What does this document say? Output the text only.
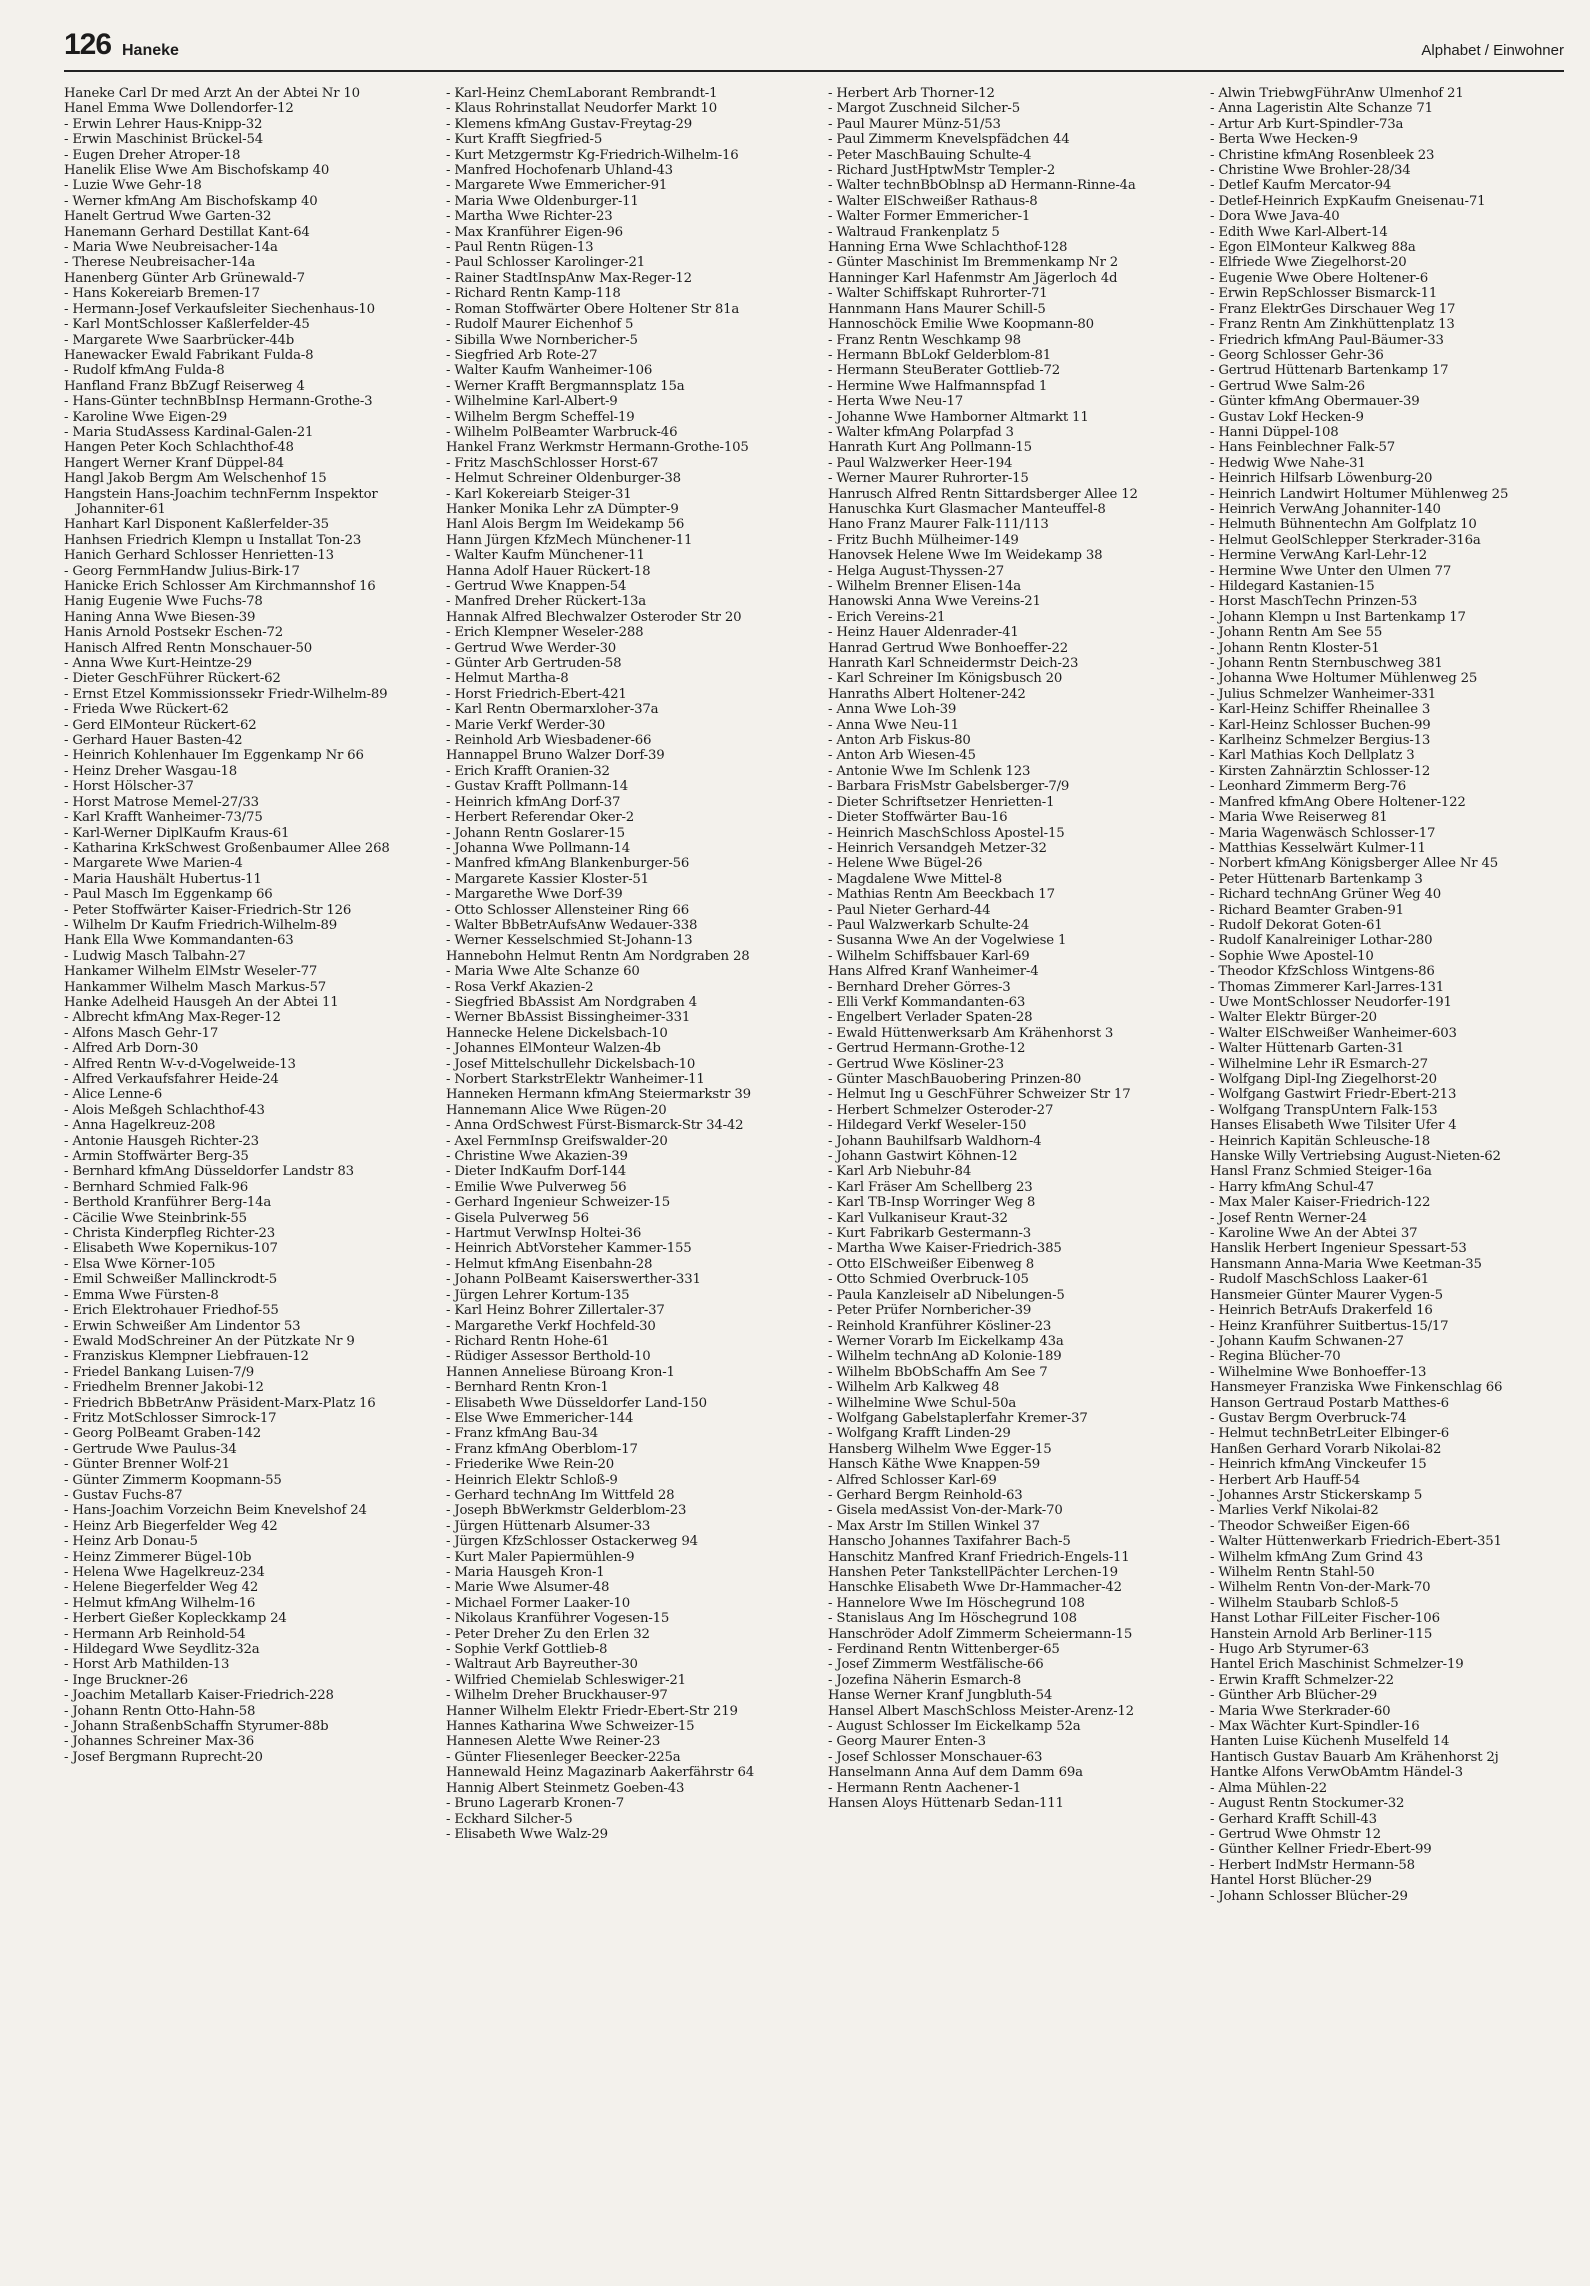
126 Haneke	Alphabet / Einwohner

Haneke Carl Dr med Arzt An der Abtei Nr 10

Hanel Emma Wwe Dollendorfer-12

- Erwin Lehrer Haus-Knipp-32

- Erwin Maschinist Brückel-54

- Eugen Dreher Atroper-18

Hanelik Elise Wwe Am Bischofskamp 40

- Luzie Wwe Gehr-18

- Werner kfmAng Am Bischofskamp 40

Hanelt Gertrud Wwe Garten-32

Hanemann Gerhard Destillat Kant-64

- Maria Wwe Neubreisacher-14a

- Therese Neubreisacher-14a

Hanenberg Günter Arb Grünewald-7

- Hans Kokereiarb Bremen-17

- Hermann-Josef Verkaufsleiter Siechenhaus-10

- Karl MontSchlosser Kaßlerfelder-45

- Margarete Wwe Saarbrücker-44b

Hanewacker Ewald Fabrikant Fulda-8

- Rudolf kfmAng Fulda-8

Hanfland Franz BbZugf Reiserweg 4

- Hans-Günter technBbInsp Hermann-Grothe-3

- Karoline Wwe Eigen-29

- Maria StudAssess Kardinal-Galen-21

Hangen Peter Koch Schlachthof-48

Hangert Werner Kranf Düppel-84

Hangl Jakob Bergm Am Welschenhof 15

Hangstein Hans-Joachim technFernm Inspektor Johanniter-61

Hanhart Karl Disponent Kaßlerfelder-35

Hanhsen Friedrich Klempn u Installat Ton-23

Hanich Gerhard Schlosser Henrietten-13

- Georg FernmHandw Julius-Birk-17

Hanicke Erich Schlosser Am Kirchmannshof 16

Hanig Eugenie Wwe Fuchs-78

Haning Anna Wwe Biesen-39

Hanis Arnold Postsekr Eschen-72

Hanisch Alfred Rentn Monschauer-50

- Anna Wwe Kurt-Heintze-29

- Dieter GeschFührer Rückert-62

- Ernst Etzel Kommissionssekr Friedr-Wilhelm-89

- Frieda Wwe Rückert-62

- Gerd ElMonteur Rückert-62

- Gerhard Hauer Basten-42

- Heinrich Kohlenhauer Im Eggenkamp Nr 66

- Heinz Dreher Wasgau-18

- Horst Hölscher-37

- Horst Matrose Memel-27/33

- Karl Krafft Wanheimer-73/75

- Karl-Werner DiplKaufm Kraus-61

- Katharina KrkSchwest Großenbaumer Allee 268

- Margarete Wwe Marien-4

- Maria Haushält Hubertus-11

- Paul Masch Im Eggenkamp 66

- Peter Stoffwärter Kaiser-Friedrich-Str 126

- Wilhelm Dr Kaufm Friedrich-Wilhelm-89

Hank Ella Wwe Kommandanten-63

- Ludwig Masch Talbahn-27

Hankamer Wilhelm ElMstr Weseler-77

Hankammer Wilhelm Masch Markus-57

Hanke Adelheid Hausgeh An der Abtei 11

- Albrecht kfmAng Max-Reger-12

- Alfons Masch Gehr-17

- Alfred Arb Dorn-30

- Alfred Rentn W-v-d-Vogelweide-13

- Alfred Verkaufsfahrer Heide-24

- Alice Lenne-6

- Alois Meßgeh Schlachthof-43

- Anna Hagelkreuz-208

- Antonie Hausgeh Richter-23

- Armin Stoffwärter Berg-35

- Bernhard kfmAng Düsseldorfer Landstr 83

- Bernhard Schmied Falk-96

- Berthold Kranführer Berg-14a

- Cäcilie Wwe Steinbrink-55

- Christa Kinderpfleg Richter-23

- Elisabeth Wwe Kopernikus-107

- Elsa Wwe Körner-105

- Emil Schweißer Mallinckrodt-5

- Emma Wwe Fürsten-8

- Erich Elektrohauer Friedhof-55

- Erwin Schweißer Am Lindentor 53

- Ewald ModSchreiner An der Pützkate Nr 9

- Franziskus Klempner Liebfrauen-12

- Friedel Bankang Luisen-7/9

- Friedhelm Brenner Jakobi-12

- Friedrich BbBetrAnw Präsident-Marx-Platz 16

- Fritz MotSchlosser Simrock-17

- Georg PolBeamt Graben-142

- Gertrude Wwe Paulus-34

- Günter Brenner Wolf-21

- Günter Zimmerm Koopmann-55

- Gustav Fuchs-87

- Hans-Joachim Vorzeichn Beim Knevelshof 24

- Heinz Arb Biegerfelder Weg 42

- Heinz Arb Donau-5

- Heinz Zimmerer Bügel-10b

- Helena Wwe Hagelkreuz-234

- Helene Biegerfelder Weg 42

- Helmut kfmAng Wilhelm-16

- Herbert Gießer Kopleckkamp 24

- Hermann Arb Reinhold-54

- Hildegard Wwe Seydlitz-32a

- Horst Arb Mathilden-13

- Inge Bruckner-26

- Joachim Metallarb Kaiser-Friedrich-228

- Johann Rentn Otto-Hahn-58

- Johann StraßenbSchaffn Styrumer-88b

- Johannes Schreiner Max-36

- Josef Bergmann Ruprecht-20

- Karl-Heinz ChemLaborant Rembrandt-1

- Klaus Rohrinstallat Neudorfer Markt 10

- Klemens kfmAng Gustav-Freytag-29

- Kurt Krafft Siegfried-5

- Kurt Metzgermstr Kg-Friedrich-Wilhelm-16

- Manfred Hochofenarb Uhland-43

- Margarete Wwe Emmericher-91

- Maria Wwe Oldenburger-11

- Martha Wwe Richter-23

- Max Kranführer Eigen-96

- Paul Rentn Rügen-13

- Paul Schlosser Karolinger-21

- Rainer StadtInspAnw Max-Reger-12

- Richard Rentn Kamp-118

- Roman Stoffwärter Obere Holtener Str 81a

- Rudolf Maurer Eichenhof 5

- Sibilla Wwe Nornbericher-5

- Siegfried Arb Rote-27

- Walter Kaufm Wanheimer-106

- Werner Krafft Bergmannsplatz 15a

- Wilhelmine Karl-Albert-9

- Wilhelm Bergm Scheffel-19

- Wilhelm PolBeamter Warbruck-46

Hankel Franz Werkmstr Hermann-Grothe-105

- Fritz MaschSchlosser Horst-67

- Helmut Schreiner Oldenburger-38

- Karl Kokereiarb Steiger-31

Hanker Monika Lehr zA Dümpter-9

Hanl Alois Bergm Im Weidekamp 56

Hann Jürgen KfzMech Münchener-11

- Walter Kaufm Münchener-11

Hanna Adolf Hauer Rückert-18

- Gertrud Wwe Knappen-54

- Manfred Dreher Rückert-13a

Hannak Alfred Blechwalzer Osteroder Str 20

- Erich Klempner Weseler-288

- Gertrud Wwe Werder-30

- Günter Arb Gertruden-58

- Helmut Martha-8

- Horst Friedrich-Ebert-421

- Karl Rentn Obermarxloher-37a

- Marie Verkf Werder-30

- Reinhold Arb Wiesbadener-66

Hannappel Bruno Walzer Dorf-39

- Erich Krafft Oranien-32

- Gustav Krafft Pollmann-14

- Heinrich kfmAng Dorf-37

- Herbert Referendar Oker-2

- Johann Rentn Goslarer-15

- Johanna Wwe Pollmann-14

- Manfred kfmAng Blankenburger-56

- Margarete Kassier Kloster-51

- Margarethe Wwe Dorf-39

- Otto Schlosser Allensteiner Ring 66

- Walter BbBetrAufsAnw Wedauer-338

- Werner Kesselschmied St-Johann-13

Hannebohn Helmut Rentn Am Nordgraben 28

- Maria Wwe Alte Schanze 60

- Rosa Verkf Akazien-2

- Siegfried BbAssist Am Nordgraben 4

- Werner BbAssist Bissingheimer-331

Hannecke Helene Dickelsbach-10

- Johannes ElMonteur Walzen-4b

- Josef Mittelschullehr Dickelsbach-10

- Norbert StarkstrElektr Wanheimer-11

Hanneken Hermann kfmAng Steiermarkstr 39

Hannemann Alice Wwe Rügen-20

- Anna OrdSchwest Fürst-Bismarck-Str 34-42

- Axel FernmInsp Greifswalder-20

- Christine Wwe Akazien-39

- Dieter IndKaufm Dorf-144

- Emilie Wwe Pulverweg 56

- Gerhard Ingenieur Schweizer-15

- Gisela Pulverweg 56

- Hartmut VerwInsp Holtei-36

- Heinrich AbtVorsteher Kammer-155

- Helmut kfmAng Eisenbahn-28

- Johann PolBeamt Kaiserswerther-331

- Jürgen Lehrer Kortum-135

- Karl Heinz Bohrer Zillertaler-37

- Margarethe Verkf Hochfeld-30

- Richard Rentn Hohe-61

- Rüdiger Assessor Berthold-10

Hannen Anneliese Büroang Kron-1

- Bernhard Rentn Kron-1

- Elisabeth Wwe Düsseldorfer Land-150

- Else Wwe Emmericher-144

- Franz kfmAng Bau-34

- Franz kfmAng Oberblom-17

- Friederike Wwe Rein-20

- Heinrich Elektr Schloß-9

- Gerhard technAng Im Wittfeld 28

- Joseph BbWerkmstr Gelderblom-23

- Jürgen Hüttenarb Alsumer-33

- Jürgen KfzSchlosser Ostackerweg 94

- Kurt Maler Papiermühlen-9

- Maria Hausgeh Kron-1

- Marie Wwe Alsumer-48

- Michael Former Laaker-10

- Nikolaus Kranführer Vogesen-15

- Peter Dreher Zu den Erlen 32

- Sophie Verkf Gottlieb-8

- Waltraut Arb Bayreuther-30

- Wilfried Chemielab Schleswiger-21

- Wilhelm Dreher Bruckhauser-97

Hanner Wilhelm Elektr Friedr-Ebert-Str 219

Hannes Katharina Wwe Schweizer-15

Hannesen Alette Wwe Reiner-23

- Günter Fliesenleger Beecker-225a

Hannewald Heinz Magazinarb Aakerfährstr 64

Hannig Albert Steinmetz Goeben-43

- Bruno Lagerarb Kronen-7

- Eckhard Silcher-5

- Elisabeth Wwe Walz-29

- Herbert Arb Thorner-12

- Margot Zuschneid Silcher-5

- Paul Maurer Münz-51/53

- Paul Zimmerm Knevelspfädchen 44

- Peter MaschBauing Schulte-4

- Richard JustHptwMstr Templer-2

- Walter technBbOblnsp aD Hermann-Rinne-4a

- Walter ElSchweißer Rathaus-8

- Walter Former Emmericher-1

- Waltraud Frankenplatz 5

Hanning Erna Wwe Schlachthof-128

- Günter Maschinist Im Bremmenkamp Nr 2

Hanninger Karl Hafenmstr Am Jägerloch 4d

- Walter Schiffskapt Ruhrorter-71

Hannmann Hans Maurer Schill-5

Hannoschöck Emilie Wwe Koopmann-80

- Franz Rentn Weschkamp 98

- Hermann BbLokf Gelderblom-81

- Hermann SteuBerater Gottlieb-72

- Hermine Wwe Halfmannspfad 1

- Herta Wwe Neu-17

- Johanne Wwe Hamborner Altmarkt 11

- Walter kfmAng Polarpfad 3

Hanrath Kurt Ang Pollmann-15

- Paul Walzwerker Heer-194

- Werner Maurer Ruhrorter-15

Hanrusch Alfred Rentn Sittardsberger Allee 12

Hanuschka Kurt Glasmacher Manteuffel-8

Hano Franz Maurer Falk-111/113

- Fritz Buchh Mülheimer-149

Hanovsek Helene Wwe Im Weidekamp 38

- Helga August-Thyssen-27

- Wilhelm Brenner Elisen-14a

Hanowski Anna Wwe Vereins-21

- Erich Vereins-21

- Heinz Hauer Aldenrader-41

Hanrad Gertrud Wwe Bonhoeffer-22

Hanrath Karl Schneidermstr Deich-23

- Karl Schreiner Im Königsbusch 20

Hanraths Albert Holtener-242

- Anna Wwe Loh-39

- Anna Wwe Neu-11

- Anton Arb Fiskus-80

- Anton Arb Wiesen-45

- Antonie Wwe Im Schlenk 123

- Barbara FrisMstr Gabelsberger-7/9

- Dieter Schriftsetzer Henrietten-1

- Dieter Stoffwärter Bau-16

- Heinrich MaschSchloss Apostel-15

- Heinrich Versandgeh Metzer-32

- Helene Wwe Bügel-26

- Magdalene Wwe Mittel-8

- Mathias Rentn Am Beeckbach 17

- Paul Nieter Gerhard-44

- Paul Walzwerkarb Schulte-24

- Susanna Wwe An der Vogelwiese 1

- Wilhelm Schiffsbauer Karl-69

Hans Alfred Kranf Wanheimer-4

- Bernhard Dreher Görres-3

- Elli Verkf Kommandanten-63

- Engelbert Verlader Spaten-28

- Ewald Hüttenwerksarb Am Krähenhorst 3

- Gertrud Hermann-Grothe-12

- Gertrud Wwe Kösliner-23

- Günter MaschBauobering Prinzen-80

- Helmut Ing u GeschFührer Schweizer Str 17

- Herbert Schmelzer Osteroder-27

- Hildegard Verkf Weseler-150

- Johann Bauhilfsarb Waldhorn-4

- Johann Gastwirt Köhnen-12

- Karl Arb Niebuhr-84

- Karl Fräser Am Schellberg 23

- Karl TB-Insp Worringer Weg 8

- Karl Vulkaniseur Kraut-32

- Kurt Fabrikarb Gestermann-3

- Martha Wwe Kaiser-Friedrich-385

- Otto ElSchweißer Eibenweg 8

- Otto Schmied Overbruck-105

- Paula Kanzleiselr aD Nibelungen-5

- Peter Prüfer Nornbericher-39

- Reinhold Kranführer Kösliner-23

- Werner Vorarb Im Eickelkamp 43a

- Wilhelm technAng aD Kolonie-189

- Wilhelm BbObSchaffn Am See 7

- Wilhelm Arb Kalkweg 48

- Wilhelmine Wwe Schul-50a

- Wolfgang Gabelstaplerfahr Kremer-37

- Wolfgang Krafft Linden-29

Hansberg Wilhelm Wwe Egger-15

Hansch Käthe Wwe Knappen-59

- Alfred Schlosser Karl-69

- Gerhard Bergm Reinhold-63

- Gisela medAssist Von-der-Mark-70

- Max Arstr Im Stillen Winkel 37

Hanscho Johannes Taxifahrer Bach-5

Hanschitz Manfred Kranf Friedrich-Engels-11

Hanshen Peter TankstellPächter Lerchen-19

Hanschke Elisabeth Wwe Dr-Hammacher-42

- Hannelore Wwe Im Höschegrund 108

- Stanislaus Ang Im Höschegrund 108

Hanschröder Adolf Zimmerm Scheiermann-15

- Ferdinand Rentn Wittenberger-65

- Josef Zimmerm Westfälische-66

- Jozefina Näherin Esmarch-8

Hanse Werner Kranf Jungbluth-54

Hansel Albert MaschSchloss Meister-Arenz-12

- August Schlosser Im Eickelkamp 52a

- Georg Maurer Enten-3

- Josef Schlosser Monschauer-63

Hanselmann Anna Auf dem Damm 69a

- Hermann Rentn Aachener-1

Hansen Aloys Hüttenarb Sedan-111

- Alwin TriebwgFührAnw Ulmenhof 21

- Anna Lageristin Alte Schanze 71

- Artur Arb Kurt-Spindler-73a

- Berta Wwe Hecken-9

- Christine kfmAng Rosenbleek 23

- Christine Wwe Brohler-28/34

- Detlef Kaufm Mercator-94

- Detlef-Heinrich ExpKaufm Gneisenau-71

- Dora Wwe Java-40

- Edith Wwe Karl-Albert-14

- Egon ElMonteur Kalkweg 88a

- Elfriede Wwe Ziegelhorst-20

- Eugenie Wwe Obere Holtener-6

- Erwin RepSchlosser Bismarck-11

- Franz ElektrGes Dirschauer Weg 17

- Franz Rentn Am Zinkhüttenplatz 13

- Friedrich kfmAng Paul-Bäumer-33

- Georg Schlosser Gehr-36

- Gertrud Hüttenarb Bartenkamp 17

- Gertrud Wwe Salm-26

- Günter kfmAng Obermauer-39

- Gustav Lokf Hecken-9

- Hanni Düppel-108

- Hans Feinblechner Falk-57

- Hedwig Wwe Nahe-31

- Heinrich Hilfsarb Löwenburg-20

- Heinrich Landwirt Holtumer Mühlenweg 25

- Heinrich VerwAng Johanniter-140

- Helmuth Bühnentechn Am Golfplatz 10

- Helmut GeolSchlepper Sterkrader-316a

- Hermine VerwAng Karl-Lehr-12

- Hermine Wwe Unter den Ulmen 77

- Hildegard Kastanien-15

- Horst MaschTechn Prinzen-53

- Johann Klempn u Inst Bartenkamp 17

- Johann Rentn Am See 55

- Johann Rentn Kloster-51

- Johann Rentn Sternbuschweg 381

- Johanna Wwe Holtumer Mühlenweg 25

- Julius Schmelzer Wanheimer-331

- Karl-Heinz Schiffer Rheinallee 3

- Karl-Heinz Schlosser Buchen-99

- Karlheinz Schmelzer Bergius-13

- Karl Mathias Koch Dellplatz 3

- Kirsten Zahnärztin Schlosser-12

- Leonhard Zimmerm Berg-76

- Manfred kfmAng Obere Holtener-122

- Maria Wwe Reiserweg 81

- Maria Wagenwäsch Schlosser-17

- Matthias Kesselwärt Kulmer-11

- Norbert kfmAng Königsberger Allee Nr 45

- Peter Hüttenarb Bartenkamp 3

- Richard technAng Grüner Weg 40

- Richard Beamter Graben-91

- Rudolf Dekorat Goten-61

- Rudolf Kanalreiniger Lothar-280

- Sophie Wwe Apostel-10

- Theodor KfzSchloss Wintgens-86

- Thomas Zimmerer Karl-Jarres-131

- Uwe MontSchlosser Neudorfer-191

- Walter Elektr Bürger-20

- Walter ElSchweißer Wanheimer-603

- Walter Hüttenarb Garten-31

- Wilhelmine Lehr iR Esmarch-27

- Wolfgang Dipl-Ing Ziegelhorst-20

- Wolfgang Gastwirt Friedr-Ebert-213

- Wolfgang TranspUntern Falk-153

Hanses Elisabeth Wwe Tilsiter Ufer 4

- Heinrich Kapitän Schleusche-18

Hanske Willy Vertriebsing August-Nieten-62

Hansl Franz Schmied Steiger-16a

- Harry kfmAng Schul-47

- Max Maler Kaiser-Friedrich-122

- Josef Rentn Werner-24

- Karoline Wwe An der Abtei 37

Hanslik Herbert Ingenieur Spessart-53

Hansmann Anna-Maria Wwe Keetman-35

- Rudolf MaschSchloss Laaker-61

Hansmeier Günter Maurer Vygen-5

- Heinrich BetrAufs Drakerfeld 16

- Heinz Kranführer Suitbertus-15/17

- Johann Kaufm Schwanen-27

- Regina Blücher-70

- Wilhelmine Wwe Bonhoeffer-13

Hansmeyer Franziska Wwe Finkenschlag 66

Hanson Gertraud Postarb Matthes-6

- Gustav Bergm Overbruck-74

- Helmut technBetrLeiter Elbinger-6

Hanßen Gerhard Vorarb Nikolai-82

- Heinrich kfmAng Vinckeufer 15

- Herbert Arb Hauff-54

- Johannes Arstr Stickerskamp 5

- Marlies Verkf Nikolai-82

- Theodor Schweißer Eigen-66

- Walter Hüttenwerkarb Friedrich-Ebert-351

- Wilhelm kfmAng Zum Grind 43

- Wilhelm Rentn Stahl-50

- Wilhelm Rentn Von-der-Mark-70

- Wilhelm Staubarb Schloß-5

Hanst Lothar FilLeiter Fischer-106

Hanstein Arnold Arb Berliner-115

- Hugo Arb Styrumer-63

Hantel Erich Maschinist Schmelzer-19

- Erwin Krafft Schmelzer-22

- Günther Arb Blücher-29

- Maria Wwe Sterkrader-60

- Max Wächter Kurt-Spindler-16

Hanten Luise Küchenh Muselfeld 14

Hantisch Gustav Bauarb Am Krähenhorst 2j

Hantke Alfons VerwObAmtm Händel-3

- Alma Mühlen-22

- August Rentn Stockumer-32

- Gerhard Krafft Schill-43

- Gertrud Wwe Ohmstr 12

- Günther Kellner Friedr-Ebert-99

- Herbert IndMstr Hermann-58

Hantel Horst Blücher-29

- Johann Schlosser Blücher-29
